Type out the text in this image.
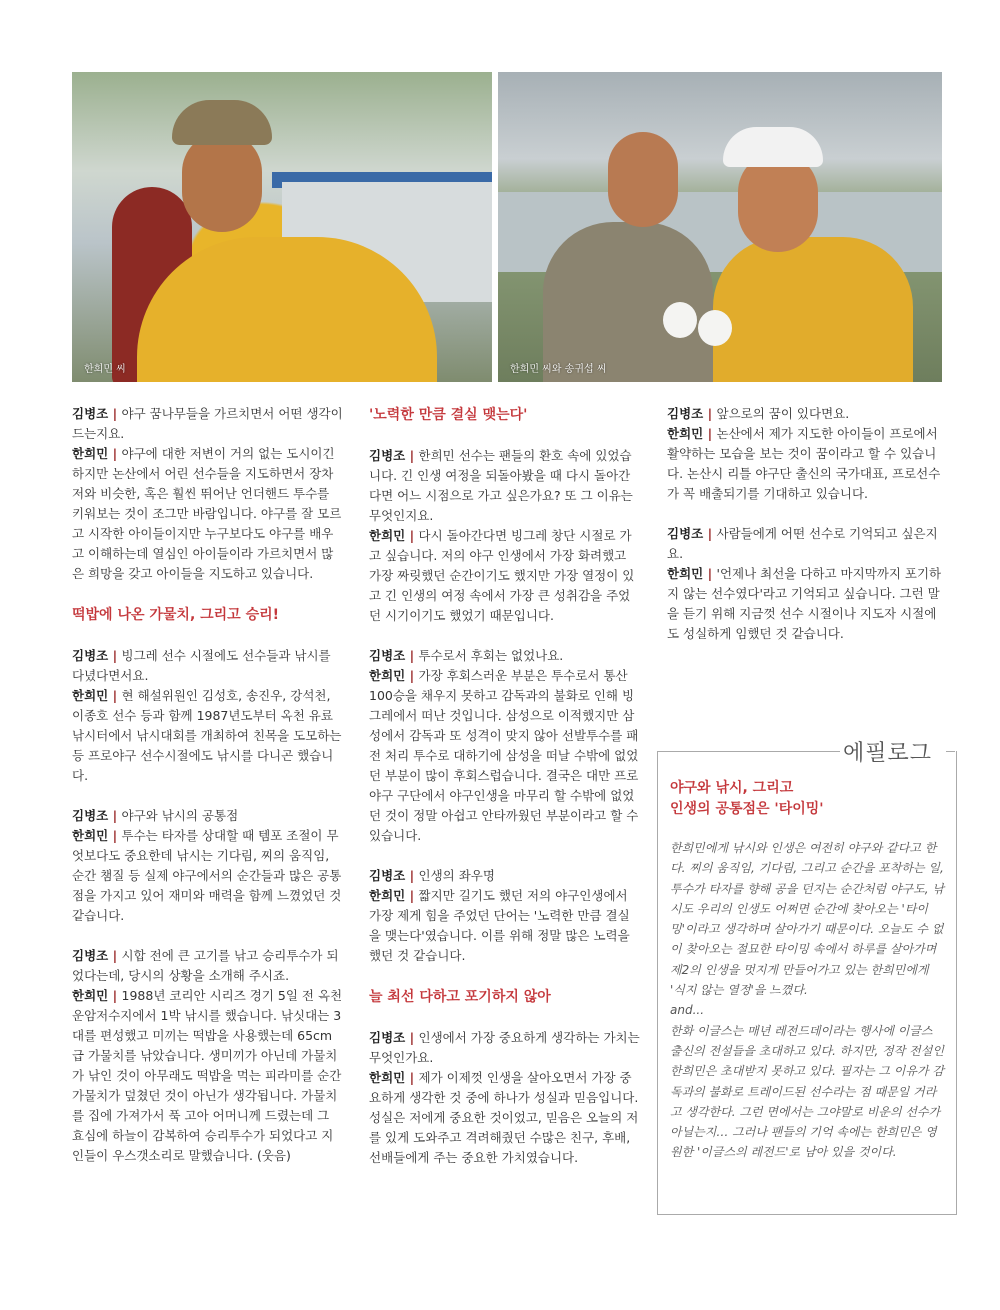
한희민 씨	한희민 씨와 송귀섭 씨

김병조 | 야구 꿈나무들을 가르치면서 어떤 생각이 드는지요.

한희민 | 야구에 대한 저변이 거의 없는 도시이긴 하지만 논산에서 어린 선수들을 지도하면서 장차 저와 비슷한, 혹은 훨씬 뛰어난 언더핸드 투수를 키워보는 것이 조그만 바람입니다. 야구를 잘 모르고 시작한 아이들이지만 누구보다도 야구를 배우고 이해하는데 열심인 아이들이라 가르치면서 많은 희망을 갖고 아이들을 지도하고 있습니다.

떡밥에 나온 가물치, 그리고 승리!

김병조 | 빙그레 선수 시절에도 선수들과 낚시를 다녔다면서요.

한희민 | 현 해설위원인 김성호, 송진우, 강석천, 이종호 선수 등과 함께 1987년도부터 옥천 유료낚시터에서 낚시대회를 개최하여 친목을 도모하는 등 프로야구 선수시절에도 낚시를 다니곤 했습니다.

김병조 | 야구와 낚시의 공통점

한희민 | 투수는 타자를 상대할 때 템포 조절이 무엇보다도 중요한데 낚시는 기다림, 찌의 움직임, 순간 챔질 등 실제 야구에서의 순간들과 많은 공통점을 가지고 있어 재미와 매력을 함께 느꼈었던 것 같습니다.

김병조 | 시합 전에 큰 고기를 낚고 승리투수가 되었다는데, 당시의 상황을 소개해 주시죠.

한희민 | 1988년 코리안 시리즈 경기 5일 전 옥천 운암저수지에서 1박 낚시를 했습니다. 낚싯대는 3대를 편성했고 미끼는 떡밥을 사용했는데 65cm급 가물치를 낚았습니다. 생미끼가 아닌데 가물치가 낚인 것이 아무래도 떡밥을 먹는 피라미를 순간 가물치가 덮쳤던 것이 아닌가 생각됩니다. 가물치를 집에 가져가서 푹 고아 어머니께 드렸는데 그 효심에 하늘이 감복하여 승리투수가 되었다고 지인들이 우스갯소리로 말했습니다. (웃음)

'노력한 만큼 결실 맺는다'

김병조 | 한희민 선수는 팬들의 환호 속에 있었습니다. 긴 인생 여정을 되돌아봤을 때 다시 돌아간다면 어느 시점으로 가고 싶은가요? 또 그 이유는 무엇인지요.

한희민 | 다시 돌아간다면 빙그레 창단 시절로 가고 싶습니다. 저의 야구 인생에서 가장 화려했고 가장 짜릿했던 순간이기도 했지만 가장 열정이 있고 긴 인생의 여정 속에서 가장 큰 성취감을 주었던 시기이기도 했었기 때문입니다.

김병조 | 투수로서 후회는 없었나요.

한희민 | 가장 후회스러운 부분은 투수로서 통산 100승을 채우지 못하고 감독과의 불화로 인해 빙그레에서 떠난 것입니다. 삼성으로 이적했지만 삼성에서 감독과 또 성격이 맞지 않아 선발투수를 패전 처리 투수로 대하기에 삼성을 떠날 수밖에 없었던 부분이 많이 후회스럽습니다. 결국은 대만 프로야구 구단에서 야구인생을 마무리 할 수밖에 없었던 것이 정말 아쉽고 안타까웠던 부분이라고 할 수 있습니다.

김병조 | 인생의 좌우명

한희민 | 짧지만 길기도 했던 저의 야구인생에서 가장 제게 힘을 주었던 단어는 '노력한 만큼 결실을 맺는다'였습니다. 이를 위해 정말 많은 노력을 했던 것 같습니다.

늘 최선 다하고 포기하지 않아

김병조 | 인생에서 가장 중요하게 생각하는 가치는 무엇인가요.

한희민 | 제가 이제껏 인생을 살아오면서 가장 중요하게 생각한 것 중에 하나가 성실과 믿음입니다. 성실은 저에게 중요한 것이었고, 믿음은 오늘의 저를 있게 도와주고 격려해줬던 수많은 친구, 후배, 선배들에게 주는 중요한 가치였습니다.

김병조 | 앞으로의 꿈이 있다면요.

한희민 | 논산에서 제가 지도한 아이들이 프로에서 활약하는 모습을 보는 것이 꿈이라고 할 수 있습니다. 논산시 리틀 야구단 출신의 국가대표, 프로선수가 꼭 배출되기를 기대하고 있습니다.

김병조 | 사람들에게 어떤 선수로 기억되고 싶은지요.

한희민 | '언제나 최선을 다하고 마지막까지 포기하지 않는 선수였다'라고 기억되고 싶습니다. 그런 말을 듣기 위해 지금껏 선수 시절이나 지도자 시절에도 성실하게 임했던 것 같습니다.

에필로그
야구와 낚시, 그리고
인생의 공통점은 '타이밍'

한희민에게 낚시와 인생은 여전히 야구와 같다고 한다. 찌의 움직임, 기다림, 그리고 순간을 포착하는 일, 투수가 타자를 향해 공을 던지는 순간처럼 야구도, 낚시도 우리의 인생도 어쩌면 순간에 찾아오는 '타이밍'이라고 생각하며 살아가기 때문이다. 오늘도 수 없이 찾아오는 절묘한 타이밍 속에서 하루를 살아가며 제2의 인생을 멋지게 만들어가고 있는 한희민에게 '식지 않는 열정'을 느꼈다.

and...

한화 이글스는 매년 레전드데이라는 행사에 이글스 출신의 전설들을 초대하고 있다. 하지만, 정작 전설인 한희민은 초대받지 못하고 있다. 필자는 그 이유가 감독과의 불화로 트레이드된 선수라는 점 때문일 거라고 생각한다. 그런 면에서는 그야말로 비운의 선수가 아닐는지… 그러나 팬들의 기억 속에는 한희민은 영원한 '이글스의 레전드'로 남아 있을 것이다.
